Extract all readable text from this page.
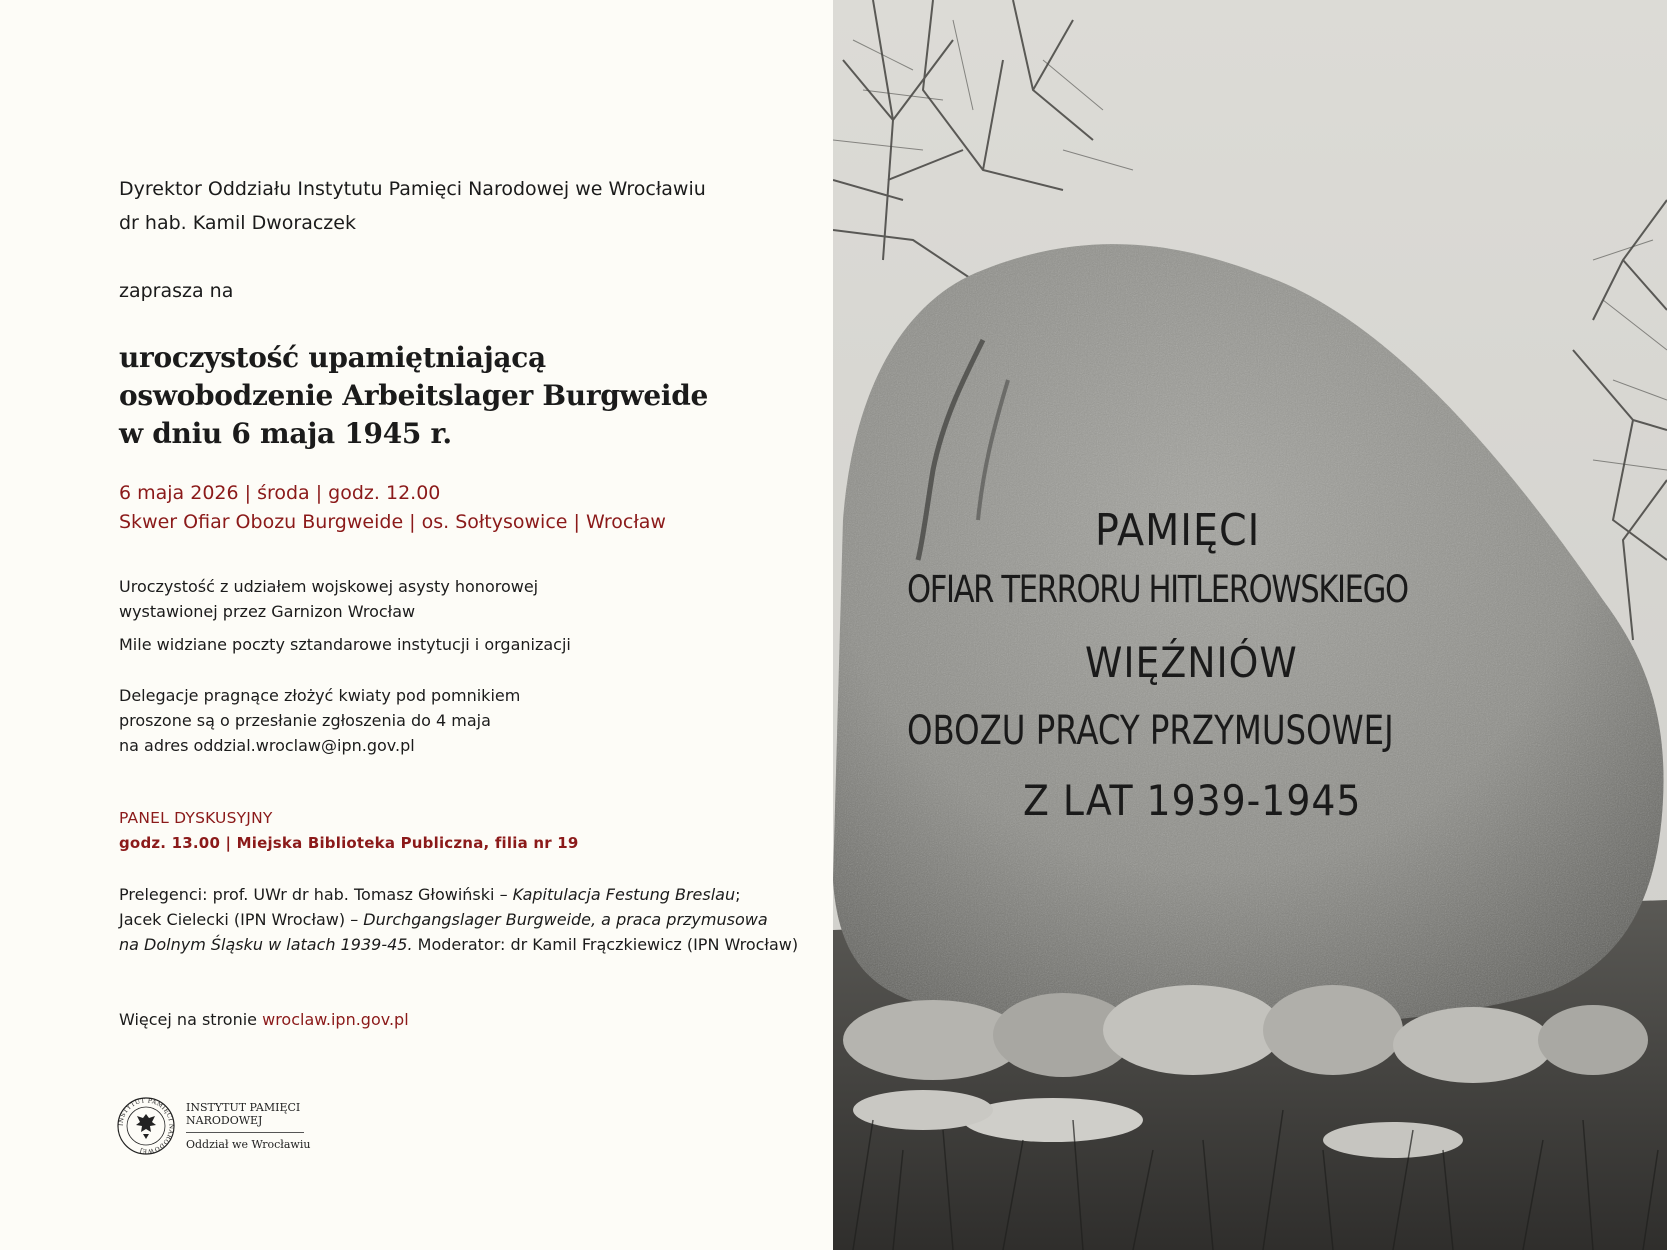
Dyrektor Oddziału Instytutu Pamięci Narodowej we Wrocławiu

dr hab. Kamil Dworaczek

zaprasza na

uroczystość upamiętniającą
oswobodzenie Arbeitslager Burgweide
w dniu 6 maja 1945 r.

6 maja 2026 | środa | godz. 12.00

Skwer Ofiar Obozu Burgweide | os. Sołtysowice | Wrocław

Uroczystość z udziałem wojskowej asysty honorowej
wystawionej przez Garnizon Wrocław

Mile widziane poczty sztandarowe instytucji i organizacji

Delegacje pragnące złożyć kwiaty pod pomnikiem
proszone są o przesłanie zgłoszenia do 4 maja
na adres oddzial.wroclaw@ipn.gov.pl

PANEL DYSKUSYJNY

godz. 13.00 | Miejska Biblioteka Publiczna, filia nr 19

Prelegenci: prof. UWr dr hab. Tomasz Głowiński – Kapitulacja Festung Breslau;
Jacek Cielecki (IPN Wrocław) – Durchgangslager Burgweide, a praca przymusowa
na Dolnym Śląsku w latach 1939-45. Moderator: dr Kamil Frączkiewicz (IPN Wrocław)

Więcej na stronie wroclaw.ipn.gov.pl

INSTYTUT PAMIĘCI NARODOWEJ
INSTYTUT PAMIĘCI
NARODOWEJ
Oddział we Wrocławiu
PAMIĘCI
OFIAR TERRORU HITLEROWSKIEGO
WIĘŹNIÓW
OBOZU PRACY PRZYMUSOWEJ
Z LAT 1939-1945
